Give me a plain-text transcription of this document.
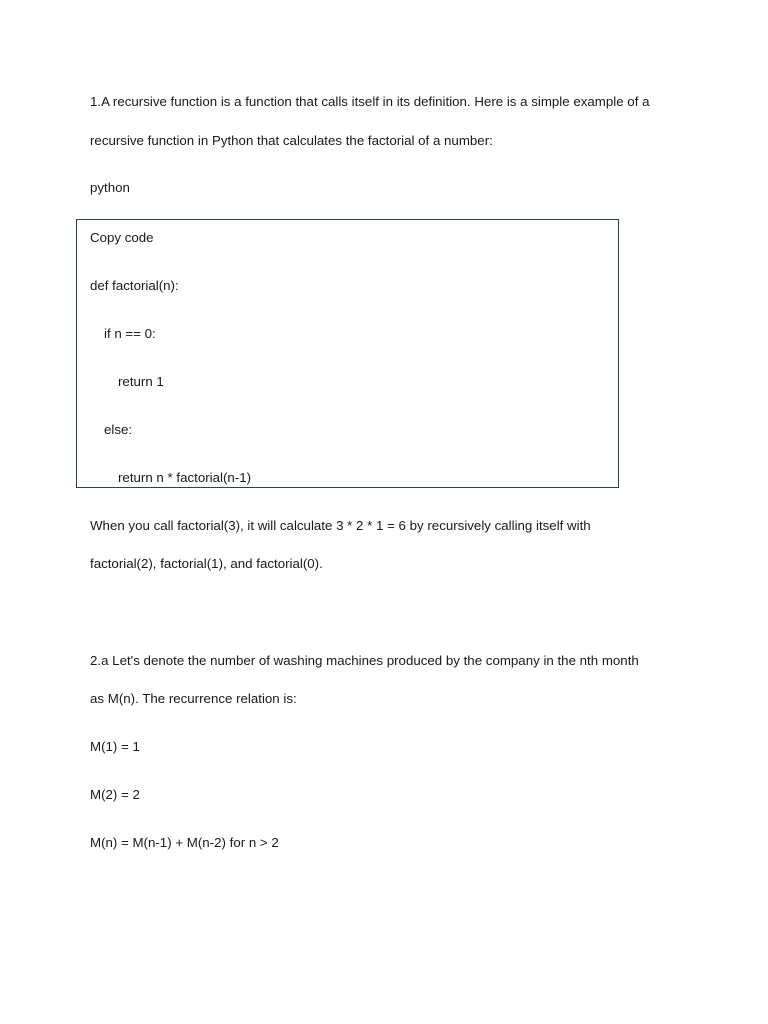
1.A recursive function is a function that calls itself in its definition. Here is a simple example of a
recursive function in Python that calculates the factorial of a number:
python
Copy code
def factorial(n):
if n == 0:
return 1
else:
return n * factorial(n-1)
When you call factorial(3), it will calculate 3 * 2 * 1 = 6 by recursively calling itself with
factorial(2), factorial(1), and factorial(0).
2.a Let's denote the number of washing machines produced by the company in the nth month
as M(n). The recurrence relation is:
M(1) = 1
M(2) = 2
M(n) = M(n-1) + M(n-2) for n > 2
